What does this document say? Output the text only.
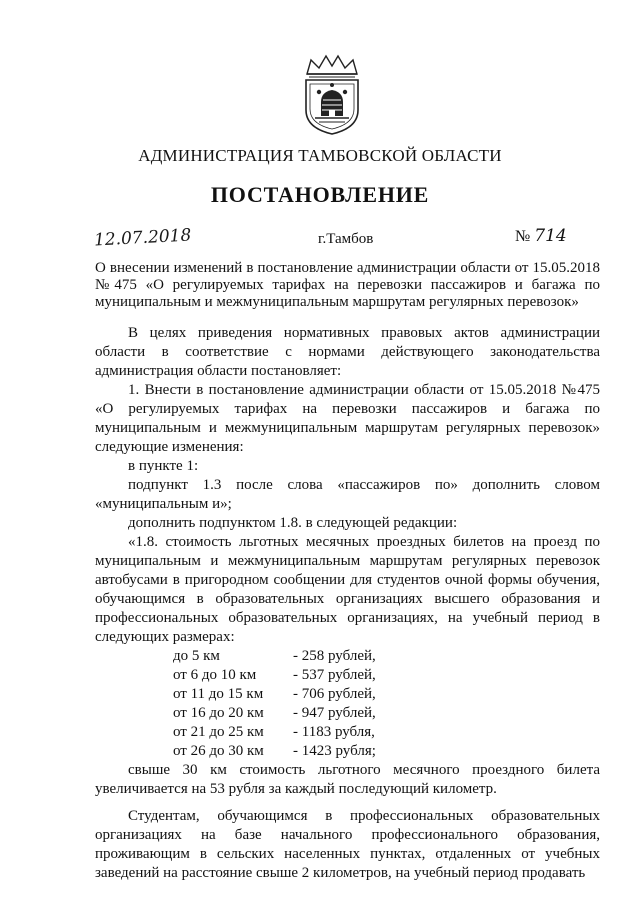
АДМИНИСТРАЦИЯ ТАМБОВСКОЙ ОБЛАСТИ
ПОСТАНОВЛЕНИЕ
12.07.2018	г.Тамбов	№ 714
О внесении изменений в постановление администрации области от 15.05.2018 №475 «О регулируемых тарифах на перевозки пассажиров и багажа по муниципальным и межмуниципальным маршрутам регулярных перевозок»

В целях приведения нормативных правовых актов администрации области в соответствие с нормами действующего законодательства администрация области постановляет:

1. Внести в постановление администрации области от 15.05.2018 №475 «О регулируемых тарифах на перевозки пассажиров и багажа по муниципальным и межмуниципальным маршрутам регулярных перевозок» следующие изменения:

в пункте 1:

подпункт 1.3 после слова «пассажиров по» дополнить словом «муниципальным и»;

дополнить подпунктом 1.8. в следующей редакции:

«1.8. стоимость льготных месячных проездных билетов на проезд по муниципальным и межмуниципальным маршрутам регулярных перевозок автобусами в пригородном сообщении для студентов очной формы обучения, обучающимся в образовательных организациях высшего образования и профессиональных образовательных организациях, на учебный период в следующих размерах:

до 5 км	- 258 рублей,
от 6 до 10 км	- 537 рублей,
от 11 до 15 км	- 706 рублей,
от 16 до 20 км	- 947 рублей,
от 21 до 25 км	- 1183 рубля,
от 26 до 30 км	- 1423 рубля;

свыше 30 км стоимость льготного месячного проездного билета увеличивается на 53 рубля за каждый последующий километр.

Студентам, обучающимся в профессиональных образовательных организациях на базе начального профессионального образования, проживающим в сельских населенных пунктах, отдаленных от учебных заведений на расстояние свыше 2 километров, на учебный период продавать
